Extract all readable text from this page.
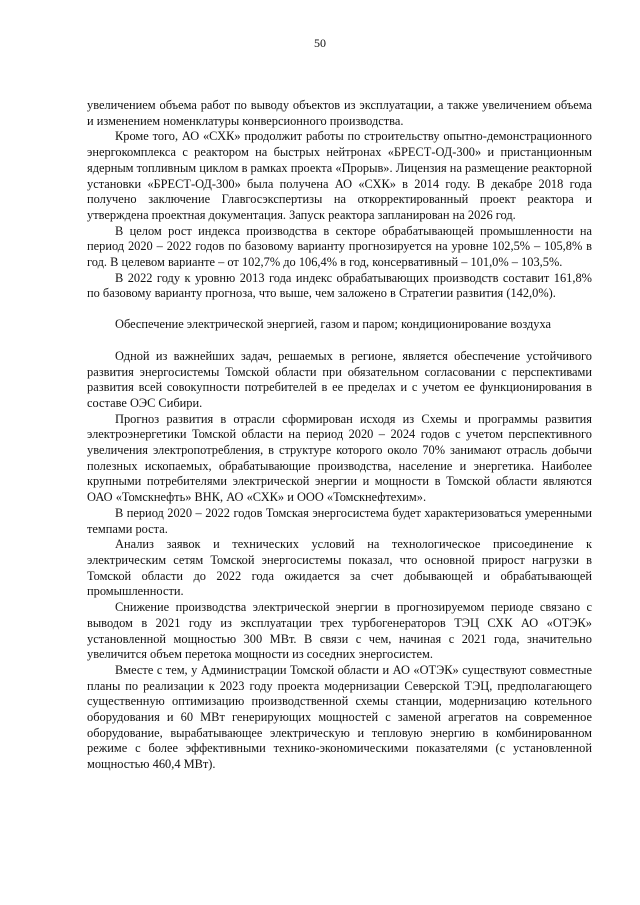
50

увеличением объема работ по выводу объектов из эксплуатации, а также увеличением объема и изменением номенклатуры конверсионного производства.

Кроме того, АО «СХК» продолжит работы по строительству опытно-демонстрационного энергокомплекса с реактором на быстрых нейтронах «БРЕСТ-ОД-300» и пристанционным ядерным топливным циклом в рамках проекта «Прорыв». Лицензия на размещение реакторной установки «БРЕСТ-ОД-300» была получена АО «СХК» в 2014 году. В декабре 2018 года получено заключение Главгосэкспертизы на откорректированный проект реактора и утверждена проектная документация. Запуск реактора запланирован на 2026 год.

В целом рост индекса производства в секторе обрабатывающей промышленности на период 2020 – 2022 годов по базовому варианту прогнозируется на уровне 102,5% – 105,8% в год. В целевом варианте – от 102,7% до 106,4% в год, консервативный – 101,0% – 103,5%.

В 2022 году к уровню 2013 года индекс обрабатывающих производств составит 161,8% по базовому варианту прогноза, что выше, чем заложено в Стратегии развития (142,0%).

Обеспечение электрической энергией, газом и паром; кондиционирование воздуха

Одной из важнейших задач, решаемых в регионе, является обеспечение устойчивого развития энергосистемы Томской области при обязательном согласовании с перспективами развития всей совокупности потребителей в ее пределах и с учетом ее функционирования в составе ОЭС Сибири.

Прогноз развития в отрасли сформирован исходя из Схемы и программы развития электроэнергетики Томской области на период 2020 – 2024 годов с учетом перспективного увеличения электропотребления, в структуре которого около 70% занимают отрасль добычи полезных ископаемых, обрабатывающие производства, население и энергетика. Наиболее крупными потребителями электрической энергии и мощности в Томской области являются ОАО «Томскнефть» ВНК, АО «СХК» и ООО «Томскнефтехим».

В период 2020 – 2022 годов Томская энергосистема будет характеризоваться умеренными темпами роста.

Анализ заявок и технических условий на технологическое присоединение к электрическим сетям Томской энергосистемы показал, что основной прирост нагрузки в Томской области до 2022 года ожидается за счет добывающей и обрабатывающей промышленности.

Снижение производства электрической энергии в прогнозируемом периоде связано с выводом в 2021 году из эксплуатации трех турбогенераторов ТЭЦ СХК АО «ОТЭК» установленной мощностью 300 МВт. В связи с чем, начиная с 2021 года, значительно увеличится объем перетока мощности из соседних энергосистем.

Вместе с тем, у Администрации Томской области и АО «ОТЭК» существуют совместные планы по реализации к 2023 году проекта модернизации Северской ТЭЦ, предполагающего существенную оптимизацию производственной схемы станции, модернизацию котельного оборудования и 60 МВт генерирующих мощностей с заменой агрегатов на современное оборудование, вырабатывающее электрическую и тепловую энергию в комбинированном режиме с более эффективными технико-экономическими показателями (с установленной мощностью 460,4 МВт).
